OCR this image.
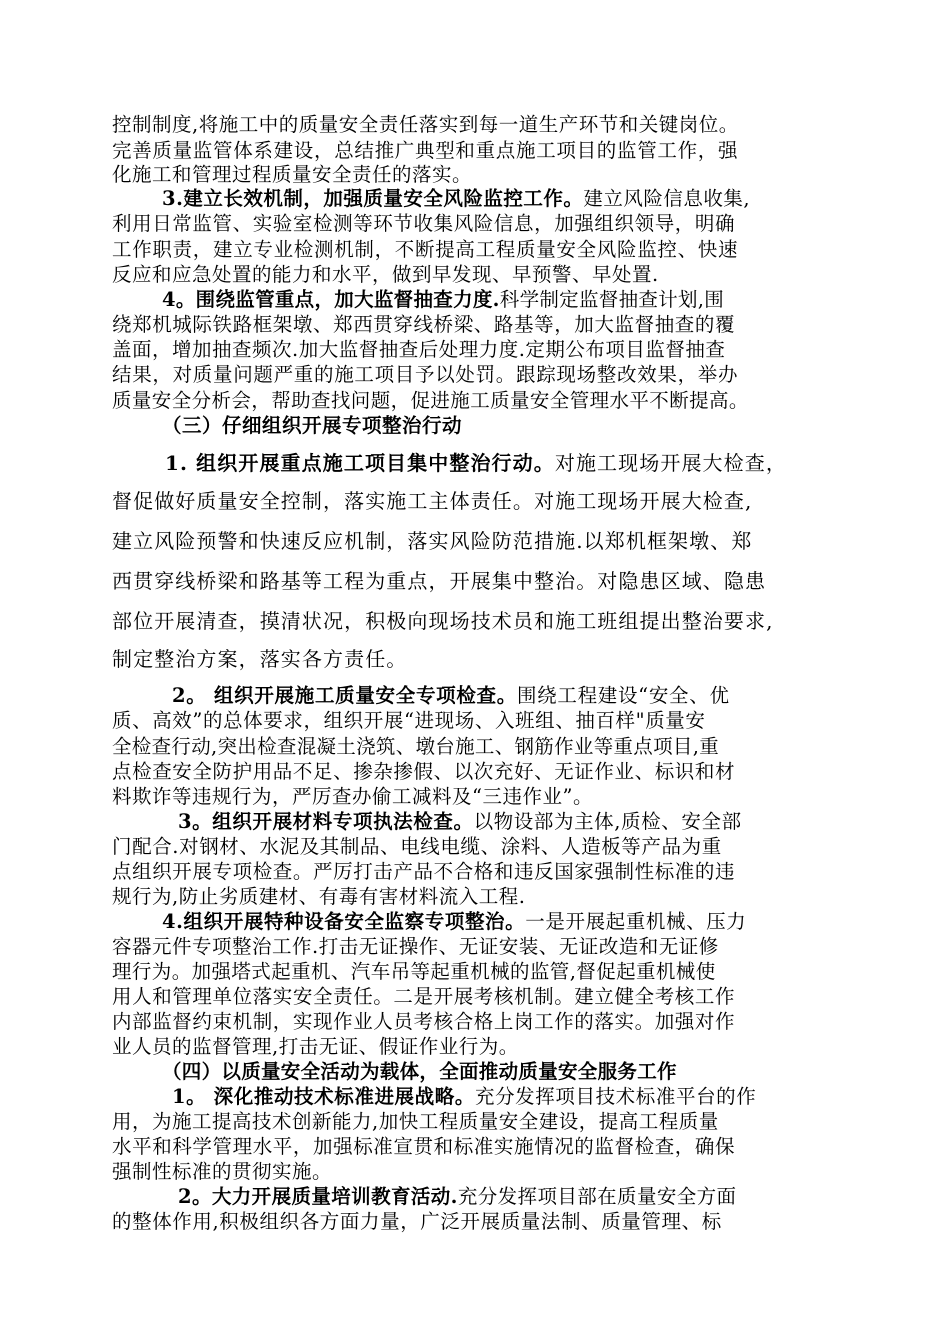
控制制度,将施工中的质量安全责任落实到每一道生产环节和关键岗位。

完善质量监管体系建设，总结推广典型和重点施工项目的监管工作，强

化施工和管理过程质量安全责任的落实。

3.建立长效机制，加强质量安全风险监控工作。建立风险信息收集,

利用日常监管、实验室检测等环节收集风险信息，加强组织领导，明确

工作职责，建立专业检测机制，不断提高工程质量安全风险监控、快速

反应和应急处置的能力和水平，做到早发现、早预警、早处置.

4。围绕监管重点，加大监督抽查力度.科学制定监督抽查计划,围

绕郑机城际铁路框架墩、郑西贯穿线桥梁、路基等，加大监督抽查的覆

盖面，增加抽查频次.加大监督抽查后处理力度.定期公布项目监督抽查

结果，对质量问题严重的施工项目予以处罚。跟踪现场整改效果，举办

质量安全分析会，帮助查找问题，促进施工质量安全管理水平不断提高。

（三）仔细组织开展专项整治行动

1. 组织开展重点施工项目集中整治行动。对施工现场开展大检查，

督促做好质量安全控制，落实施工主体责任。对施工现场开展大检查,

建立风险预警和快速反应机制，落实风险防范措施.以郑机框架墩、郑

西贯穿线桥梁和路基等工程为重点，开展集中整治。对隐患区域、隐患

部位开展清查，摸清状况，积极向现场技术员和施工班组提出整治要求,

制定整治方案，落实各方责任。

2。 组织开展施工质量安全专项检查。围绕工程建设“安全、优

质、高效”的总体要求，组织开展“进现场、入班组、抽百样"质量安

全检查行动,突出检查混凝土浇筑、墩台施工、钢筋作业等重点项目,重

点检查安全防护用品不足、掺杂掺假、以次充好、无证作业、标识和材

料欺诈等违规行为，严厉查办偷工减料及“三违作业”。

3。组织开展材料专项执法检查。以物设部为主体,质检、安全部

门配合.对钢材、水泥及其制品、电线电缆、涂料、人造板等产品为重

点组织开展专项检查。严厉打击产品不合格和违反国家强制性标准的违

规行为,防止劣质建材、有毒有害材料流入工程.

4.组织开展特种设备安全监察专项整治。一是开展起重机械、压力

容器元件专项整治工作.打击无证操作、无证安装、无证改造和无证修

理行为。加强塔式起重机、汽车吊等起重机械的监管,督促起重机械使

用人和管理单位落实安全责任。二是开展考核机制。建立健全考核工作

内部监督约束机制，实现作业人员考核合格上岗工作的落实。加强对作

业人员的监督管理,打击无证、假证作业行为。

（四）以质量安全活动为载体，全面推动质量安全服务工作

1。 深化推动技术标准进展战略。充分发挥项目技术标准平台的作

用，为施工提高技术创新能力,加快工程质量安全建设，提高工程质量

水平和科学管理水平，加强标准宣贯和标准实施情况的监督检查，确保

强制性标准的贯彻实施。

2。大力开展质量培训教育活动.充分发挥项目部在质量安全方面

的整体作用,积极组织各方面力量，广泛开展质量法制、质量管理、标
